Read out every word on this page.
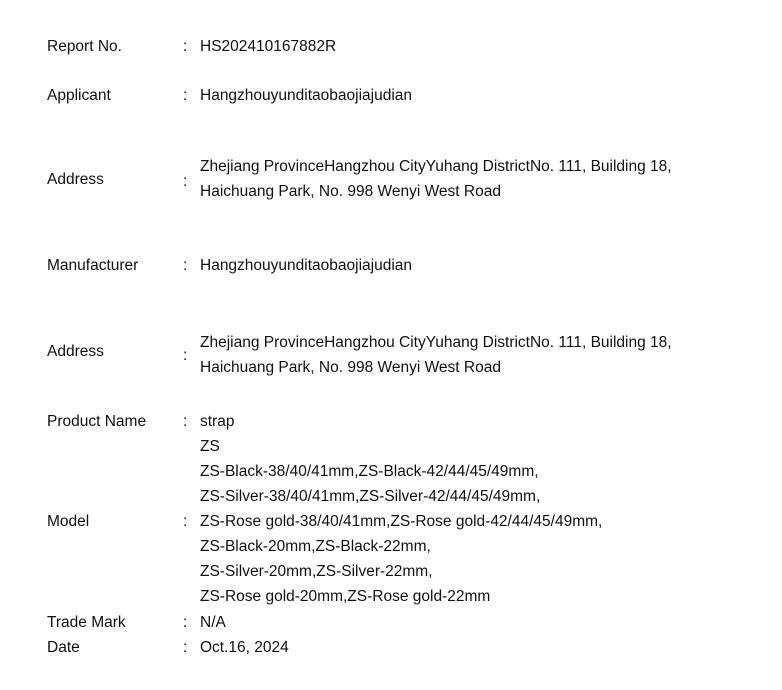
Report No.	: HS202410167882R
Applicant	: Hangzhouyunditaobaojiajudian
Address	:
Zhejiang ProvinceHangzhou CityYuhang DistrictNo. 111, Building 18,
Haichuang Park, No. 998 Wenyi West Road
Manufacturer	: Hangzhouyunditaobaojiajudian
Address	:
Zhejiang ProvinceHangzhou CityYuhang DistrictNo. 111, Building 18,
Haichuang Park, No. 998 Wenyi West Road
Product Name : strap
Model	:
ZS
ZS-Black-38/40/41mm,ZS-Black-42/44/45/49mm,
ZS-Silver-38/40/41mm,ZS-Silver-42/44/45/49mm,
ZS-Rose gold-38/40/41mm,ZS-Rose gold-42/44/45/49mm,
ZS-Black-20mm,ZS-Black-22mm,
ZS-Silver-20mm,ZS-Silver-22mm,
ZS-Rose gold-20mm,ZS-Rose gold-22mm
Trade Mark	: N/A
Date	: Oct.16, 2024
